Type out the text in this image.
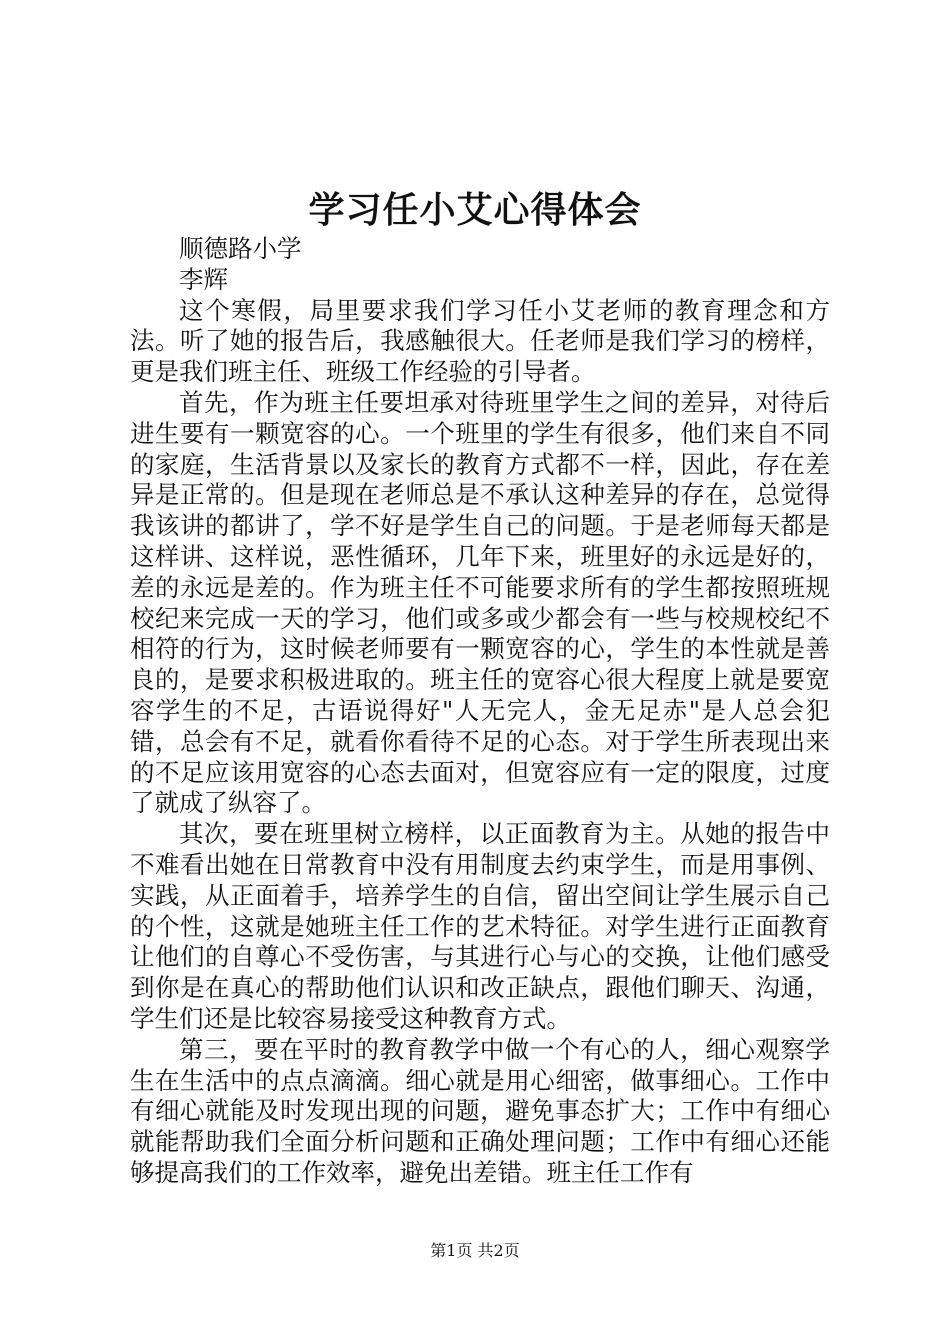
学习任小艾心得体会

顺德路小学

李辉

这个寒假，局里要求我们学习任小艾老师的教育理念和方法。听了她的报告后，我感触很大。任老师是我们学习的榜样，更是我们班主任、班级工作经验的引导者。

首先，作为班主任要坦承对待班里学生之间的差异，对待后进生要有一颗宽容的心。一个班里的学生有很多，他们来自不同的家庭，生活背景以及家长的教育方式都不一样，因此，存在差异是正常的。但是现在老师总是不承认这种差异的存在，总觉得我该讲的都讲了，学不好是学生自己的问题。于是老师每天都是这样讲、这样说，恶性循环，几年下来，班里好的永远是好的，差的永远是差的。作为班主任不可能要求所有的学生都按照班规校纪来完成一天的学习，他们或多或少都会有一些与校规校纪不相符的行为，这时候老师要有一颗宽容的心，学生的本性就是善良的，是要求积极进取的。班主任的宽容心很大程度上就是要宽容学生的不足，古语说得好"人无完人，金无足赤"是人总会犯错，总会有不足，就看你看待不足的心态。对于学生所表现出来的不足应该用宽容的心态去面对，但宽容应有一定的限度，过度了就成了纵容了。

其次，要在班里树立榜样，以正面教育为主。从她的报告中不难看出她在日常教育中没有用制度去约束学生，而是用事例、实践，从正面着手，培养学生的自信，留出空间让学生展示自己的个性，这就是她班主任工作的艺术特征。对学生进行正面教育让他们的自尊心不受伤害，与其进行心与心的交换，让他们感受到你是在真心的帮助他们认识和改正缺点，跟他们聊天、沟通，学生们还是比较容易接受这种教育方式。

第三，要在平时的教育教学中做一个有心的人，细心观察学生在生活中的点点滴滴。细心就是用心细密，做事细心。工作中有细心就能及时发现出现的问题，避免事态扩大；工作中有细心就能帮助我们全面分析问题和正确处理问题；工作中有细心还能够提高我们的工作效率，避免出差错。班主任工作有

第1页 共2页
